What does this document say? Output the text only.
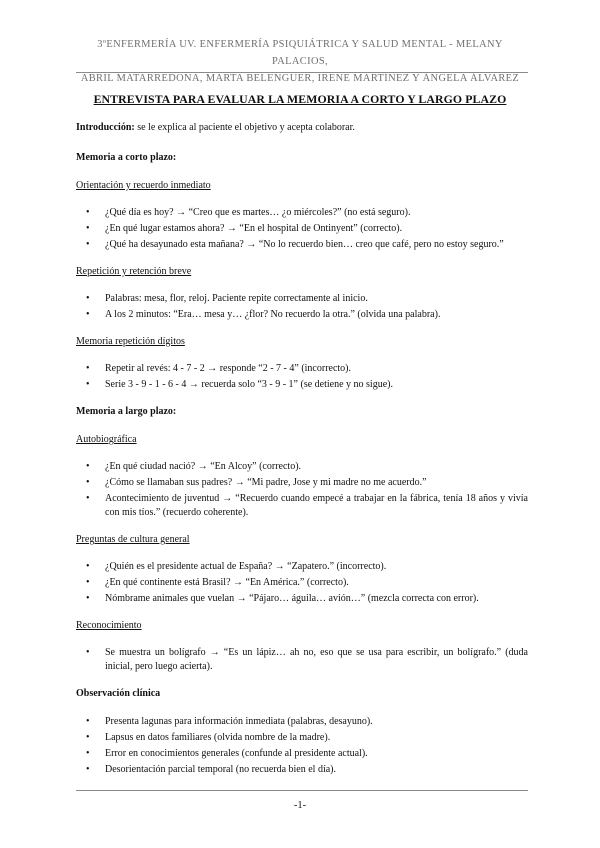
3ºENFERMERÍA UV. ENFERMERÍA PSIQUIÁTRICA Y SALUD MENTAL - MELANY PALACIOS,
ABRIL MATARREDONA, MARTA BELENGUER, IRENE MARTÍNEZ Y ÁNGELA ÁLVAREZ
ENTREVISTA PARA EVALUAR LA MEMORIA A CORTO Y LARGO PLAZO

Introducción: se le explica al paciente el objetivo y acepta colaborar.

Memoria a corto plazo:
Orientación y recuerdo inmediato
• ¿Qué día es hoy? → “Creo que es martes… ¿o miércoles?” (no está seguro).
• ¿En qué lugar estamos ahora? → “En el hospital de Ontinyent” (correcto).
• ¿Qué ha desayunado esta mañana? → “No lo recuerdo bien… creo que café, pero no estoy seguro.”
Repetición y retención breve
• Palabras: mesa, flor, reloj. Paciente repite correctamente al inicio.
• A los 2 minutos: “Era… mesa y… ¿flor? No recuerdo la otra.” (olvida una palabra).
Memoria repetición dígitos
• Repetir al revés: 4 - 7 - 2 → responde “2 - 7 - 4” (incorrecto).
• Serie 3 - 9 - 1 - 6 - 4 → recuerda solo “3 - 9 - 1” (se detiene y no sigue).
Memoria a largo plazo:
Autobiográfica
• ¿En qué ciudad nació? → “En Alcoy” (correcto).
• ¿Cómo se llamaban sus padres? → “Mi padre, Jose y mi madre no me acuerdo.”
• Acontecimiento de juventud → “Recuerdo cuando empecé a trabajar en la fábrica, tenía 18 años y vivía con mis tíos.” (recuerdo coherente).
Preguntas de cultura general
• ¿Quién es el presidente actual de España? → “Zapatero.” (incorrecto).
• ¿En qué continente está Brasil? → “En América.” (correcto).
• Nómbrame animales que vuelan → “Pájaro… águila… avión…” (mezcla correcta con error).
Reconocimiento
• Se muestra un bolígrafo → “Es un lápiz… ah no, eso que se usa para escribir, un bolígrafo.” (duda inicial, pero luego acierta).
Observación clínica
• Presenta lagunas para información inmediata (palabras, desayuno).
• Lapsus en datos familiares (olvida nombre de la madre).
• Error en conocimientos generales (confunde al presidente actual).
• Desorientación parcial temporal (no recuerda bien el día).
-1-
